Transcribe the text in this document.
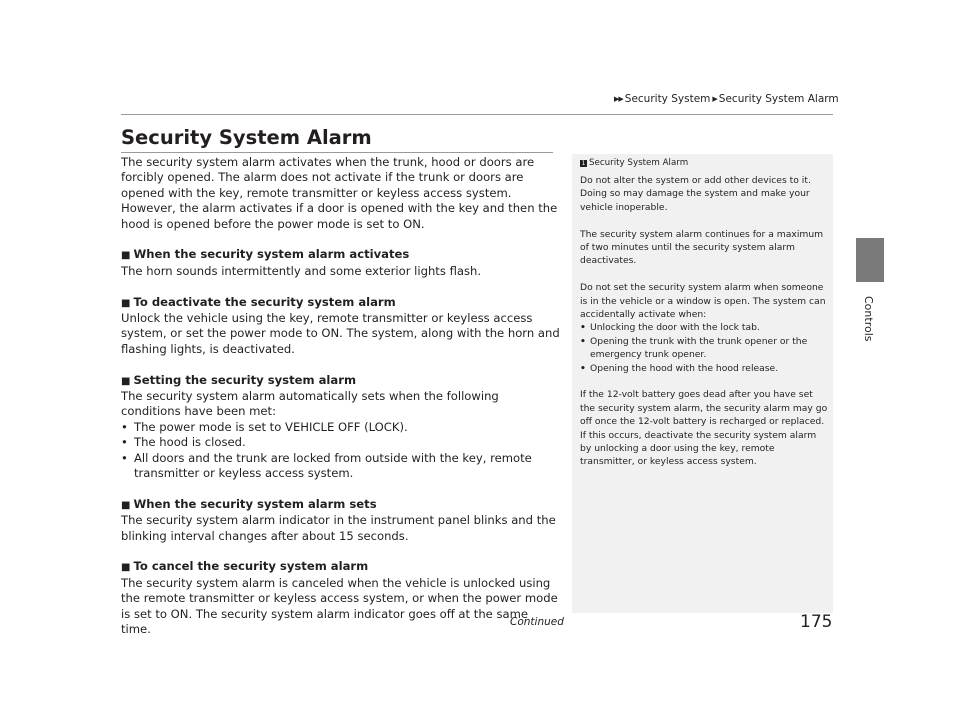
▶▶ Security System ▶ Security System Alarm
Controls
Security System Alarm

The security system alarm activates when the trunk, hood or doors are forcibly opened. The alarm does not activate if the trunk or doors are opened with the key, remote transmitter or keyless access system.

However, the alarm activates if a door is opened with the key and then the hood is opened before the power mode is set to ON.

■ When the security system alarm activates

The horn sounds intermittently and some exterior lights flash.

■ To deactivate the security system alarm

Unlock the vehicle using the key, remote transmitter or keyless access system, or set the power mode to ON. The system, along with the horn and flashing lights, is deactivated.

■ Setting the security system alarm

The security system alarm automatically sets when the following conditions have been met:

• The power mode is set to VEHICLE OFF (LOCK).
• The hood is closed.
• All doors and the trunk are locked from outside with the key, remote transmitter or keyless access system.
■ When the security system alarm sets

The security system alarm indicator in the instrument panel blinks and the blinking interval changes after about 15 seconds.

■ To cancel the security system alarm

The security system alarm is canceled when the vehicle is unlocked using the remote transmitter or keyless access system, or when the power mode is set to ON. The security system alarm indicator goes off at the same time.

1 Security System Alarm

Do not alter the system or add other devices to it. Doing so may damage the system and make your vehicle inoperable.

The security system alarm continues for a maximum of two minutes until the security system alarm deactivates.

Do not set the security system alarm when someone is in the vehicle or a window is open. The system can accidentally activate when:

• Unlocking the door with the lock tab.
• Opening the trunk with the trunk opener or the emergency trunk opener.
• Opening the hood with the hood release.

If the 12-volt battery goes dead after you have set the security system alarm, the security alarm may go off once the 12-volt battery is recharged or replaced.

If this occurs, deactivate the security system alarm by unlocking a door using the key, remote transmitter, or keyless access system.

Continued	175
